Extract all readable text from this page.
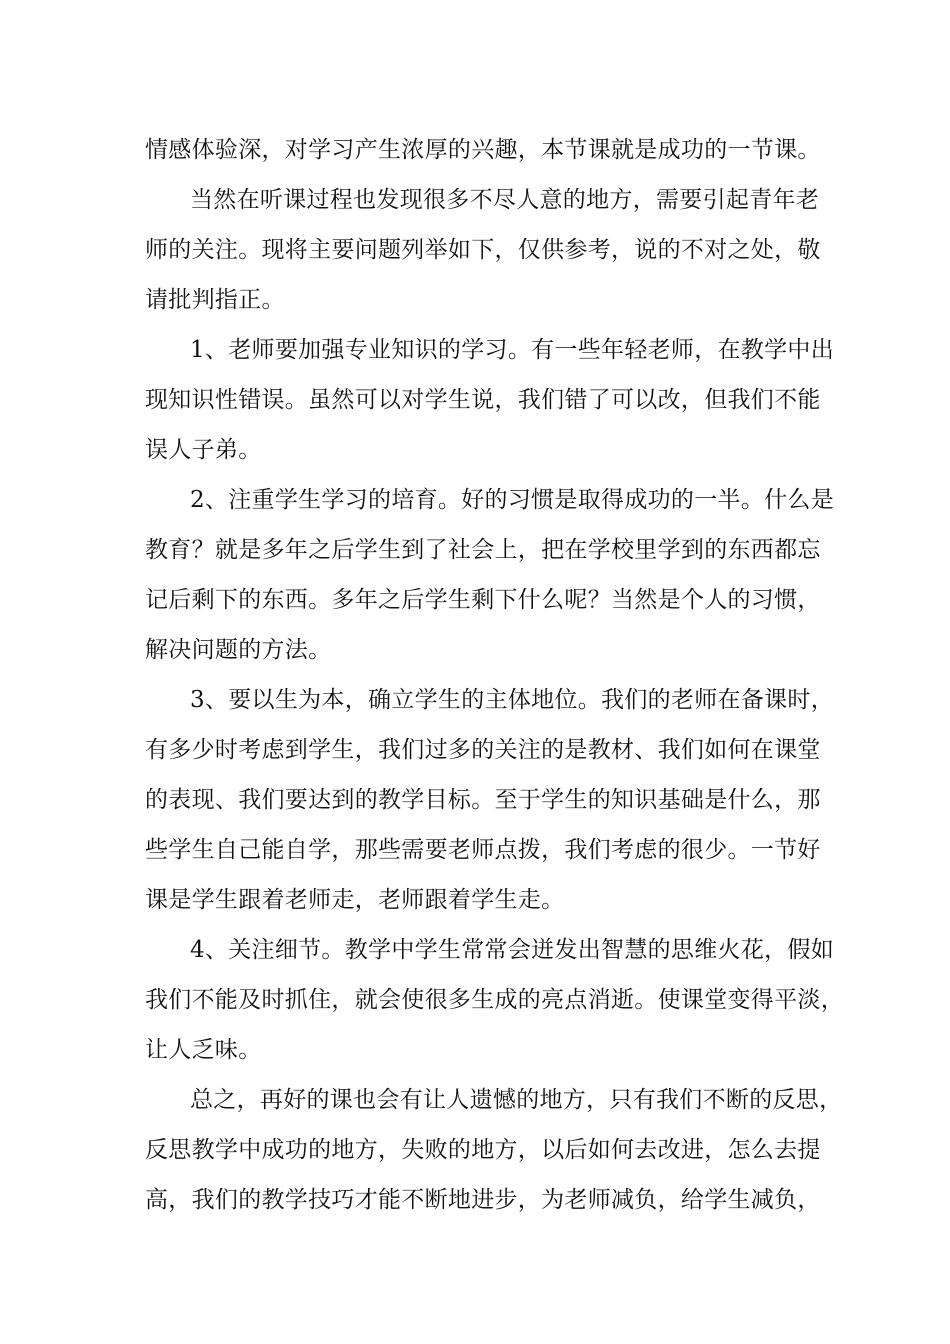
情感体验深，对学习产生浓厚的兴趣，本节课就是成功的一节课。
当然在听课过程也发现很多不尽人意的地方，需要引起青年老
师的关注。现将主要问题列举如下，仅供参考，说的不对之处，敬
请批判指正。
1、老师要加强专业知识的学习。有一些年轻老师，在教学中出
现知识性错误。虽然可以对学生说，我们错了可以改，但我们不能
误人子弟。
2、注重学生学习的培育。好的习惯是取得成功的一半。什么是
教育？就是多年之后学生到了社会上，把在学校里学到的东西都忘
记后剩下的东西。多年之后学生剩下什么呢？当然是个人的习惯，
解决问题的方法。
3、要以生为本，确立学生的主体地位。我们的老师在备课时，
有多少时考虑到学生，我们过多的关注的是教材、我们如何在课堂
的表现、我们要达到的教学目标。至于学生的知识基础是什么，那
些学生自己能自学，那些需要老师点拨，我们考虑的很少。一节好
课是学生跟着老师走，老师跟着学生走。
4、关注细节。教学中学生常常会迸发出智慧的思维火花，假如
我们不能及时抓住，就会使很多生成的亮点消逝。使课堂变得平淡，
让人乏味。
总之，再好的课也会有让人遗憾的地方，只有我们不断的反思，
反思教学中成功的地方，失败的地方，以后如何去改进，怎么去提
高，我们的教学技巧才能不断地进步，为老师减负，给学生减负，
